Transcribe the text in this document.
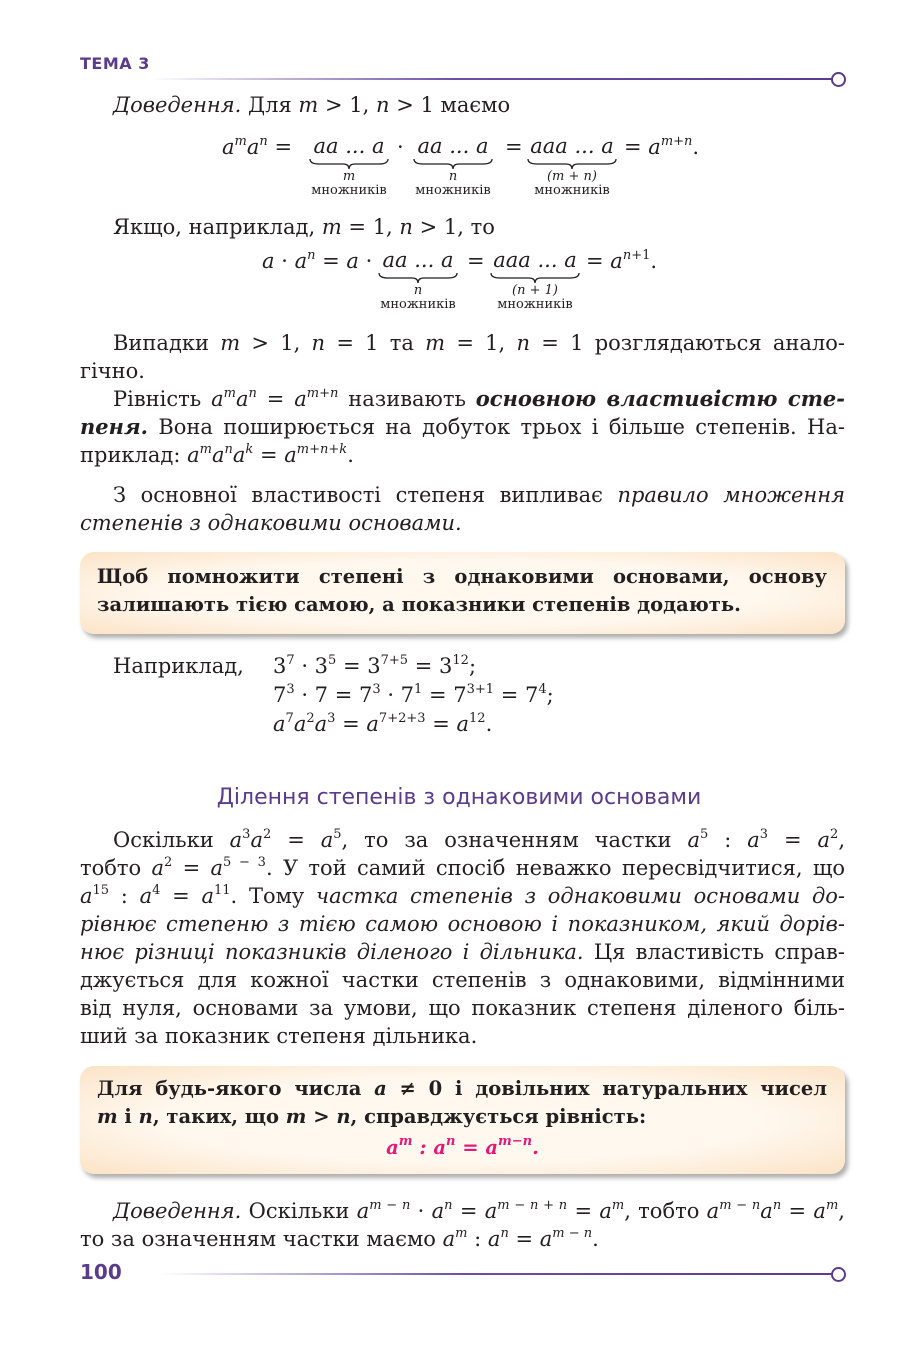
ТЕМА 3
Доведення. Для m > 1, n > 1 маємо
$a^ma^n$ =	aa ... a
m
множників
· aa ... a
n
множників
= aaa ... a
(m + n)
множників
= $a^{m+n}$.
Якщо, наприклад, m = 1, n > 1, то
$a \cdot a^n = a$ · aa ... a
n
множників
= aaa ... a
(n + 1)
множників
= $a^{n+1}$.
Випадки m > 1, n = 1 та m = 1, n = 1 розглядаються анало-
гічно.
Рівність $a^ma^n = a^{m+n}$ називають основною властивістю сте-
пеня. Вона поширюється на добуток трьох і більше степенів. На-
приклад: $a^ma^na^k = a^{m+n+k}$.
З основної властивості степеня випливає правило множення
степенів з однаковими основами.
Щоб помножити степені з однаковими основами, основу
залишають тією самою, а показники степенів додають.
Наприклад, $3^7 \cdot 3^5 = 3^{7+5} = 3^{12}$;
$7^3 \cdot 7 = 7^3 \cdot 7^1 = 7^{3+1} = 7^4$;
$a^7a^2a^3 = a^{7+2+3} = a^{12}$.
Ділення степенів з однаковими основами
Оскільки $a^3a^2 = a^5$, то за означенням частки $a^5$ : $a^3 = a^2$,
тобто $a^2 = a^{5 - 3}$. У той самий спосіб неважко пересвідчитися, що
$a^{15}$ : $a^4 = a^{11}$. Тому частка степенів з однаковими основами до-
рівнює степеню з тією самою основою і показником, який дорів-
нює різниці показників діленого і дільника. Ця властивість справ-
джується для кожної частки степенів з однаковими, відмінними
від нуля, основами за умови, що показник степеня діленого біль-
ший за показник степеня дільника.
Для будь-якого числа a ≠ 0 і довільних натуральних чисел
m і n, таких, що m > n, справджується рівність:
$a^m$ : $a^n = a^{m-n}$.
Доведення. Оскільки $a^{m - n} \cdot a^n = a^{m - n + n} = a^m$, тобто $a^{m - n}a^n = a^m$,
то за означенням частки маємо $a^m$ : $a^n = a^{m - n}$.
100
